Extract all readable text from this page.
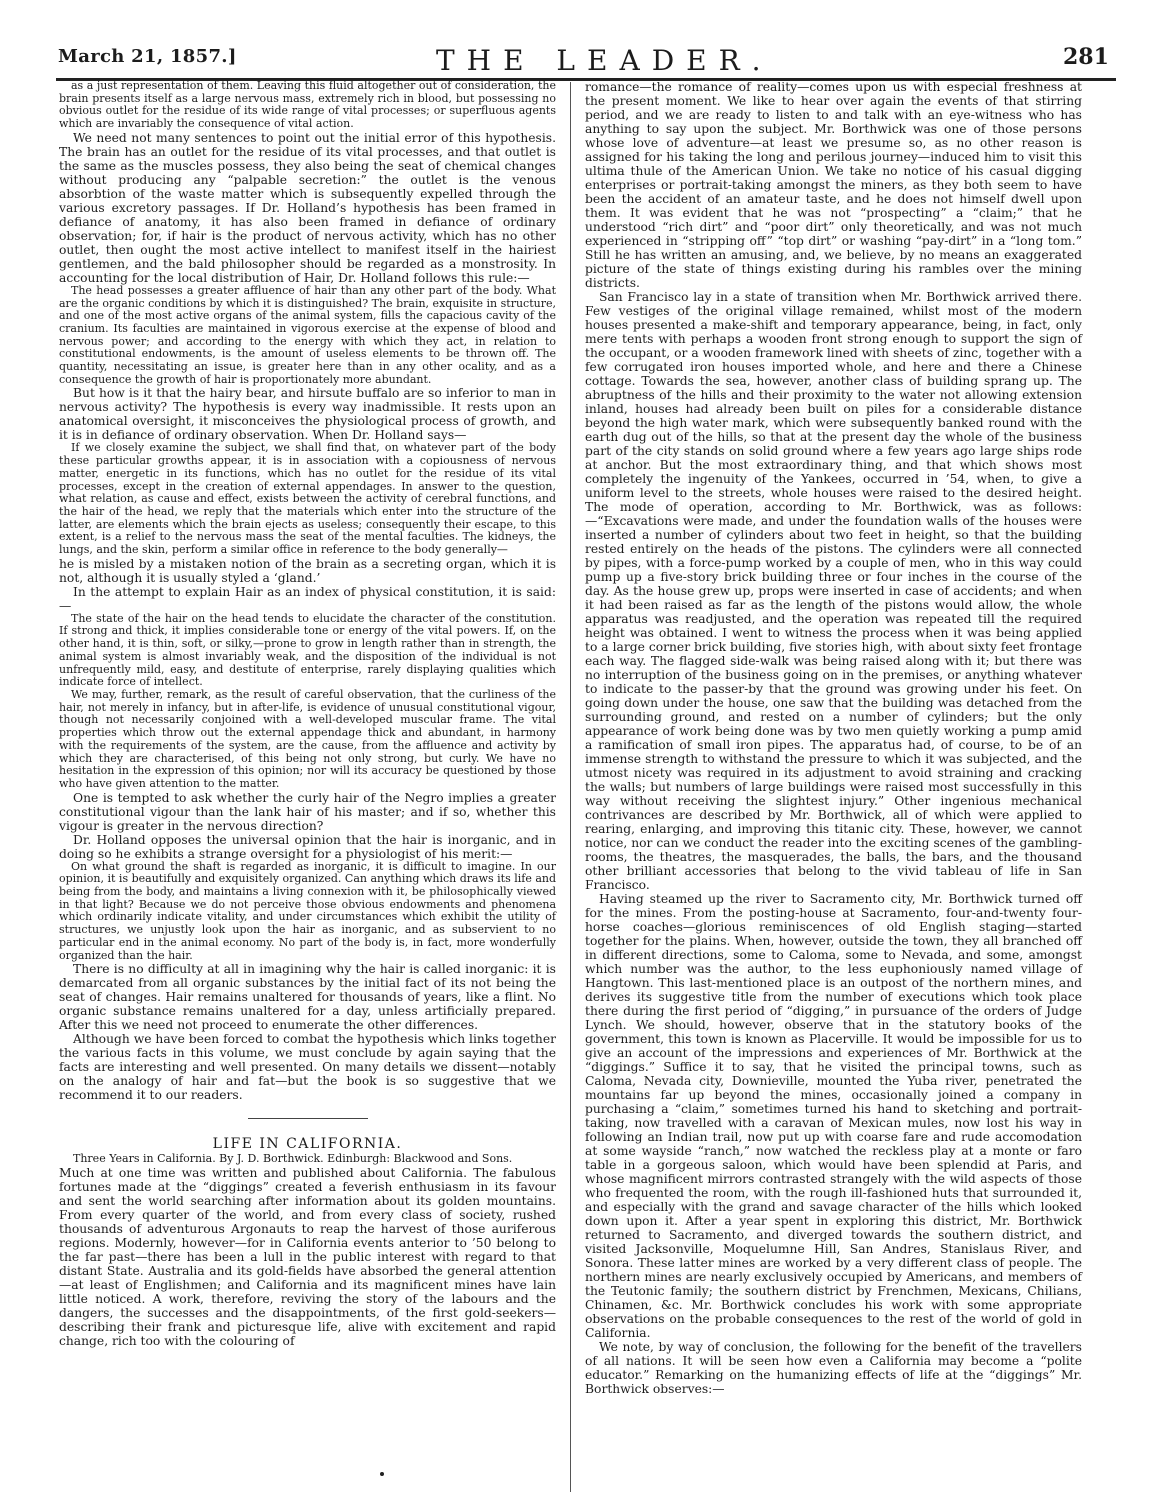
March 21, 1857.]	THE LEADER.	281

as a just representation of them. Leaving this fluid altogether out of consideration, the brain presents itself as a large nervous mass, extremely rich in blood, but possessing no obvious outlet for the residue of its wide range of vital processes; or superfluous agents which are invariably the consequence of vital action.

We need not many sentences to point out the initial error of this hypothesis. The brain has an outlet for the residue of its vital processes, and that outlet is the same as the muscles possess, they also being the seat of chemical changes without producing any “palpable secretion:” the outlet is the venous absorbtion of the waste matter which is subsequently expelled through the various excretory passages. If Dr. Holland’s hypothesis has been framed in defiance of anatomy, it has also been framed in defiance of ordinary observation; for, if hair is the product of nervous activity, which has no other outlet, then ought the most active intellect to manifest itself in the hairiest gentlemen, and the bald philosopher should be regarded as a monstrosity. In accounting for the local distribution of Hair, Dr. Holland follows this rule:—

The head possesses a greater affluence of hair than any other part of the body. What are the organic conditions by which it is distinguished? The brain, exquisite in structure, and one of the most active organs of the animal system, fills the capacious cavity of the cranium. Its faculties are maintained in vigorous exercise at the expense of blood and nervous power; and according to the energy with which they act, in relation to constitutional endowments, is the amount of useless elements to be thrown off. The quantity, necessitating an issue, is greater here than in any other ocality, and as a consequence the growth of hair is proportionately more abundant.

But how is it that the hairy bear, and hirsute buffalo are so inferior to man in nervous activity? The hypothesis is every way inadmissible. It rests upon an anatomical oversight, it misconceives the physiological process of growth, and it is in defiance of ordinary observation. When Dr. Holland says—

If we closely examine the subject, we shall find that, on whatever part of the body these particular growths appear, it is in association with a copiousness of nervous matter, energetic in its functions, which has no outlet for the residue of its vital processes, except in the creation of external appendages. In answer to the question, what relation, as cause and effect, exists between the activity of cerebral functions, and the hair of the head, we reply that the materials which enter into the structure of the latter, are elements which the brain ejects as useless; consequently their escape, to this extent, is a relief to the nervous mass the seat of the mental faculties. The kidneys, the lungs, and the skin, perform a similar office in reference to the body generally—

he is misled by a mistaken notion of the brain as a secreting organ, which it is not, although it is usually styled a ‘gland.’

In the attempt to explain Hair as an index of physical constitution, it is said:—

The state of the hair on the head tends to elucidate the character of the constitution. If strong and thick, it implies considerable tone or energy of the vital powers. If, on the other hand, it is thin, soft, or silky,—prone to grow in length rather than in strength, the animal system is almost invariably weak, and the disposition of the individual is not unfrequently mild, easy, and destitute of enterprise, rarely displaying qualities which indicate force of intellect.

We may, further, remark, as the result of careful observation, that the curliness of the hair, not merely in infancy, but in after-life, is evidence of unusual constitutional vigour, though not necessarily conjoined with a well-developed muscular frame. The vital properties which throw out the external appendage thick and abundant, in harmony with the requirements of the system, are the cause, from the affluence and activity by which they are characterised, of this being not only strong, but curly. We have no hesitation in the expression of this opinion; nor will its accuracy be questioned by those who have given attention to the matter.

One is tempted to ask whether the curly hair of the Negro implies a greater constitutional vigour than the lank hair of his master; and if so, whether this vigour is greater in the nervous direction?

Dr. Holland opposes the universal opinion that the hair is inorganic, and in doing so he exhibits a strange oversight for a physiologist of his merit:—

On what ground the shaft is regarded as inorganic, it is difficult to imagine. In our opinion, it is beautifully and exquisitely organized. Can anything which draws its life and being from the body, and maintains a living connexion with it, be philosophically viewed in that light? Because we do not perceive those obvious endowments and phenomena which ordinarily indicate vitality, and under circumstances which exhibit the utility of structures, we unjustly look upon the hair as inorganic, and as subservient to no particular end in the animal economy. No part of the body is, in fact, more wonderfully organized than the hair.

There is no difficulty at all in imagining why the hair is called inorganic: it is demarcated from all organic substances by the initial fact of its not being the seat of changes. Hair remains unaltered for thousands of years, like a flint. No organic substance remains unaltered for a day, unless artificially prepared. After this we need not proceed to enumerate the other differences.

Although we have been forced to combat the hypothesis which links together the various facts in this volume, we must conclude by again saying that the facts are interesting and well presented. On many details we dissent—notably on the analogy of hair and fat—but the book is so suggestive that we recommend it to our readers.

LIFE IN CALIFORNIA.

Three Years in California. By J. D. Borthwick. Edinburgh: Blackwood and Sons.

Much at one time was written and published about California. The fabulous fortunes made at the “diggings” created a feverish enthusiasm in its favour and sent the world searching after information about its golden mountains. From every quarter of the world, and from every class of society, rushed thousands of adventurous Argonauts to reap the harvest of those auriferous regions. Modernly, however—for in California events anterior to ’50 belong to the far past—there has been a lull in the public interest with regard to that distant State. Australia and its gold-fields have absorbed the general attention—at least of Englishmen; and California and its magnificent mines have lain little noticed. A work, therefore, reviving the story of the labours and the dangers, the successes and the disappointments, of the first gold-seekers—describing their frank and picturesque life, alive with excitement and rapid change, rich too with the colouring of

romance—the romance of reality—comes upon us with especial freshness at the present moment. We like to hear over again the events of that stirring period, and we are ready to listen to and talk with an eye-witness who has anything to say upon the subject. Mr. Borthwick was one of those persons whose love of adventure—at least we presume so, as no other reason is assigned for his taking the long and perilous journey—induced him to visit this ultima thule of the American Union. We take no notice of his casual digging enterprises or portrait-taking amongst the miners, as they both seem to have been the accident of an amateur taste, and he does not himself dwell upon them. It was evident that he was not “prospecting” a “claim;” that he understood “rich dirt” and “poor dirt” only theoretically, and was not much experienced in “stripping off” “top dirt” or washing “pay-dirt” in a “long tom.” Still he has written an amusing, and, we believe, by no means an exaggerated picture of the state of things existing during his rambles over the mining districts.

San Francisco lay in a state of transition when Mr. Borthwick arrived there. Few vestiges of the original village remained, whilst most of the modern houses presented a make-shift and temporary appearance, being, in fact, only mere tents with perhaps a wooden front strong enough to support the sign of the occupant, or a wooden framework lined with sheets of zinc, together with a few corrugated iron houses imported whole, and here and there a Chinese cottage. Towards the sea, however, another class of building sprang up. The abruptness of the hills and their proximity to the water not allowing extension inland, houses had already been built on piles for a considerable distance beyond the high water mark, which were subsequently banked round with the earth dug out of the hills, so that at the present day the whole of the business part of the city stands on solid ground where a few years ago large ships rode at anchor. But the most extraordinary thing, and that which shows most completely the ingenuity of the Yankees, occurred in ’54, when, to give a uniform level to the streets, whole houses were raised to the desired height. The mode of operation, according to Mr. Borthwick, was as follows:—“Excavations were made, and under the foundation walls of the houses were inserted a number of cylinders about two feet in height, so that the building rested entirely on the heads of the pistons. The cylinders were all connected by pipes, with a force-pump worked by a couple of men, who in this way could pump up a five-story brick building three or four inches in the course of the day. As the house grew up, props were inserted in case of accidents; and when it had been raised as far as the length of the pistons would allow, the whole apparatus was readjusted, and the operation was repeated till the required height was obtained. I went to witness the process when it was being applied to a large corner brick building, five stories high, with about sixty feet frontage each way. The flagged side-walk was being raised along with it; but there was no interruption of the business going on in the premises, or anything whatever to indicate to the passer-by that the ground was growing under his feet. On going down under the house, one saw that the building was detached from the surrounding ground, and rested on a number of cylinders; but the only appearance of work being done was by two men quietly working a pump amid a ramification of small iron pipes. The apparatus had, of course, to be of an immense strength to withstand the pressure to which it was subjected, and the utmost nicety was required in its adjustment to avoid straining and cracking the walls; but numbers of large buildings were raised most successfully in this way without receiving the slightest injury.” Other ingenious mechanical contrivances are described by Mr. Borthwick, all of which were applied to rearing, enlarging, and improving this titanic city. These, however, we cannot notice, nor can we conduct the reader into the exciting scenes of the gambling-rooms, the theatres, the masquerades, the balls, the bars, and the thousand other brilliant accessories that belong to the vivid tableau of life in San Francisco.

Having steamed up the river to Sacramento city, Mr. Borthwick turned off for the mines. From the posting-house at Sacramento, four-and-twenty four-horse coaches—glorious reminiscences of old English staging—started together for the plains. When, however, outside the town, they all branched off in different directions, some to Caloma, some to Nevada, and some, amongst which number was the author, to the less euphoniously named village of Hangtown. This last-mentioned place is an outpost of the northern mines, and derives its suggestive title from the number of executions which took place there during the first period of “digging,” in pursuance of the orders of Judge Lynch. We should, however, observe that in the statutory books of the government, this town is known as Placerville. It would be impossible for us to give an account of the impressions and experiences of Mr. Borthwick at the “diggings.” Suffice it to say, that he visited the principal towns, such as Caloma, Nevada city, Downieville, mounted the Yuba river, penetrated the mountains far up beyond the mines, occasionally joined a company in purchasing a “claim,” sometimes turned his hand to sketching and portrait-taking, now travelled with a caravan of Mexican mules, now lost his way in following an Indian trail, now put up with coarse fare and rude accomodation at some wayside “ranch,” now watched the reckless play at a monte or faro table in a gorgeous saloon, which would have been splendid at Paris, and whose magnificent mirrors contrasted strangely with the wild aspects of those who frequented the room, with the rough ill-fashioned huts that surrounded it, and especially with the grand and savage character of the hills which looked down upon it. After a year spent in exploring this district, Mr. Borthwick returned to Sacramento, and diverged towards the southern district, and visited Jacksonville, Moquelumne Hill, San Andres, Stanislaus River, and Sonora. These latter mines are worked by a very different class of people. The northern mines are nearly exclusively occupied by Americans, and members of the Teutonic family; the southern district by Frenchmen, Mexicans, Chilians, Chinamen, &c. Mr. Borthwick concludes his work with some appropriate observations on the probable consequences to the rest of the world of gold in California.

We note, by way of conclusion, the following for the benefit of the travellers of all nations. It will be seen how even a California may become a “polite educator.” Remarking on the humanizing effects of life at the “diggings” Mr. Borthwick observes:—
